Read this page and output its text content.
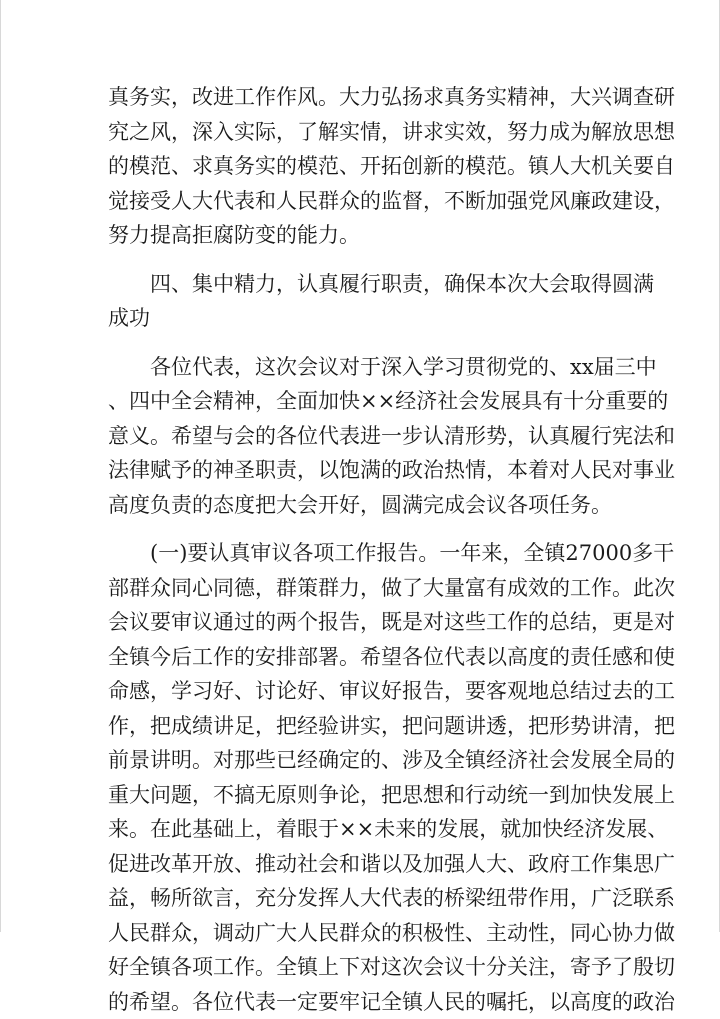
真务实，改进工作作风。大力弘扬求真务实精神，大兴调查研
究之风，深入实际，了解实情，讲求实效，努力成为解放思想
的模范、求真务实的模范、开拓创新的模范。镇人大机关要自
觉接受人大代表和人民群众的监督，不断加强党风廉政建设，
努力提高拒腐防变的能力。
四、集中精力，认真履行职责，确保本次大会取得圆满
成功
各位代表，这次会议对于深入学习贯彻党的、xx届三中
、四中全会精神，全面加快××经济社会发展具有十分重要的
意义。希望与会的各位代表进一步认清形势，认真履行宪法和
法律赋予的神圣职责，以饱满的政治热情，本着对人民对事业
高度负责的态度把大会开好，圆满完成会议各项任务。
(一)要认真审议各项工作报告。一年来，全镇27000多干
部群众同心同德，群策群力，做了大量富有成效的工作。此次
会议要审议通过的两个报告，既是对这些工作的总结，更是对
全镇今后工作的安排部署。希望各位代表以高度的责任感和使
命感，学习好、讨论好、审议好报告，要客观地总结过去的工
作，把成绩讲足，把经验讲实，把问题讲透，把形势讲清，把
前景讲明。对那些已经确定的、涉及全镇经济社会发展全局的
重大问题，不搞无原则争论，把思想和行动统一到加快发展上
来。在此基础上，着眼于××未来的发展，就加快经济发展、
促进改革开放、推动社会和谐以及加强人大、政府工作集思广
益，畅所欲言，充分发挥人大代表的桥梁纽带作用，广泛联系
人民群众，调动广大人民群众的积极性、主动性，同心协力做
好全镇各项工作。全镇上下对这次会议十分关注，寄予了殷切
的希望。各位代表一定要牢记全镇人民的嘱托，以高度的政治
